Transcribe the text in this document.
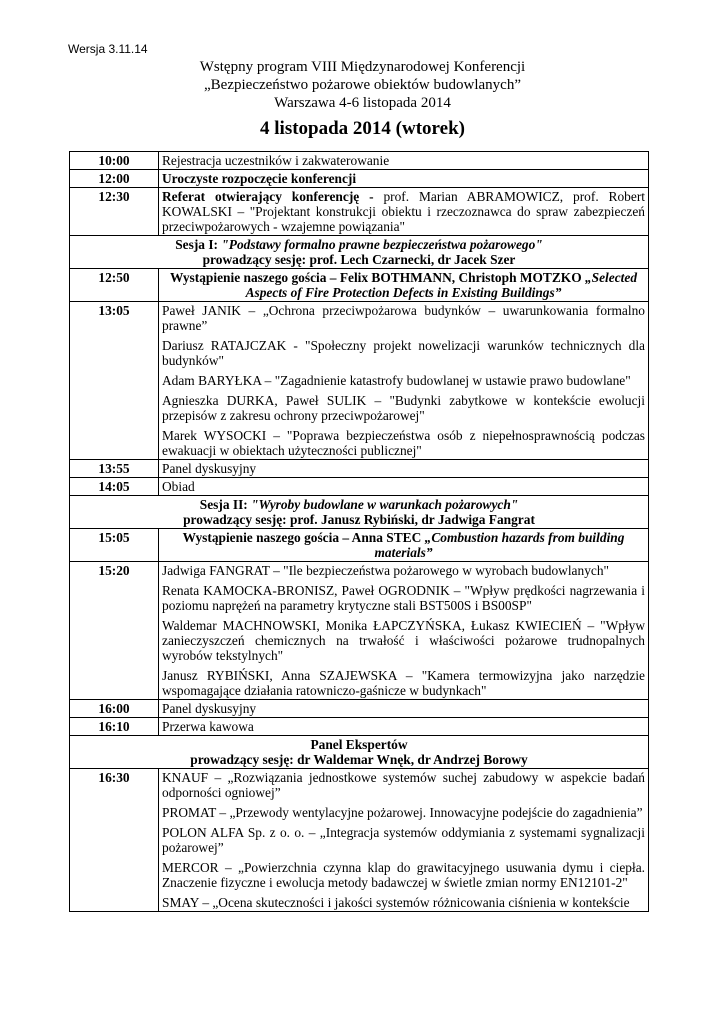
Wersja 3.11.14
Wstępny program VIII Międzynarodowej Konferencji
„Bezpieczeństwo pożarowe obiektów budowlanych”
Warszawa 4-6 listopada 2014
4 listopada 2014 (wtorek)
10:00	Rejestracja uczestników i zakwaterowanie
12:00	Uroczyste rozpoczęcie konferencji
12:30	Referat otwierający konferencję - prof. Marian ABRAMOWICZ, prof. Robert KOWALSKI – "Projektant konstrukcji obiektu i rzeczoznawca do spraw zabezpieczeń przeciwpożarowych - wzajemne powiązania"

Sesja I: "Podstawy formalno prawne bezpieczeństwa pożarowego"
prowadzący sesję: prof. Lech Czarnecki, dr Jacek Szer	

12:50	Wystąpienie naszego gościa – Felix BOTHMANN, Christoph MOTZKO „Selected Aspects of Fire Protection Defects in Existing Buildings”
13:05	Paweł JANIK – „Ochrona przeciwpożarowa budynków – uwarunkowania formalno prawne”
Dariusz RATAJCZAK - "Społeczny projekt nowelizacji warunków technicznych dla budynków"
Adam BARYŁKA – "Zagadnienie katastrofy budowlanej w ustawie prawo budowlane"
Agnieszka DURKA, Paweł SULIK – "Budynki zabytkowe w kontekście ewolucji przepisów z zakresu ochrony przeciwpożarowej"
Marek WYSOCKI – "Poprawa bezpieczeństwa osób z niepełnosprawnością podczas ewakuacji w obiektach użyteczności publicznej"

13:55	Panel dyskusyjny
14:05	Obiad

Sesja II: "Wyroby budowlane w warunkach pożarowych"
prowadzący sesję: prof. Janusz Rybiński, dr Jadwiga Fangrat	

15:05	Wystąpienie naszego gościa – Anna STEC „Combustion hazards from building materials”
15:20	Jadwiga FANGRAT – "Ile bezpieczeństwa pożarowego w wyrobach budowlanych"
Renata KAMOCKA-BRONISZ, Paweł OGRODNIK – "Wpływ prędkości nagrzewania i poziomu naprężeń na parametry krytyczne stali BST500S i BS00SP"
Waldemar MACHNOWSKI, Monika ŁAPCZYŃSKA, Łukasz KWIECIEŃ – "Wpływ zanieczyszczeń chemicznych na trwałość i właściwości pożarowe trudnopalnych wyrobów tekstylnych"
Janusz RYBIŃSKI, Anna SZAJEWSKA – "Kamera termowizyjna jako narzędzie wspomagające działania ratowniczo-gaśnicze w budynkach"

16:00	Panel dyskusyjny
16:10	Przerwa kawowa

Panel Ekspertów
prowadzący sesję: dr Waldemar Wnęk, dr Andrzej Borowy	

16:30	KNAUF – „Rozwiązania jednostkowe systemów suchej zabudowy w aspekcie badań odporności ogniowej”
PROMAT – „Przewody wentylacyjne pożarowej. Innowacyjne podejście do zagadnienia”
POLON ALFA Sp. z o. o. – „Integracja systemów oddymiania z systemami sygnalizacji pożarowej”
MERCOR – „Powierzchnia czynna klap do grawitacyjnego usuwania dymu i ciepła. Znaczenie fizyczne i ewolucja metody badawczej w świetle zmian normy EN12101-2"
SMAY – „Ocena skuteczności i jakości systemów różnicowania ciśnienia w kontekście
